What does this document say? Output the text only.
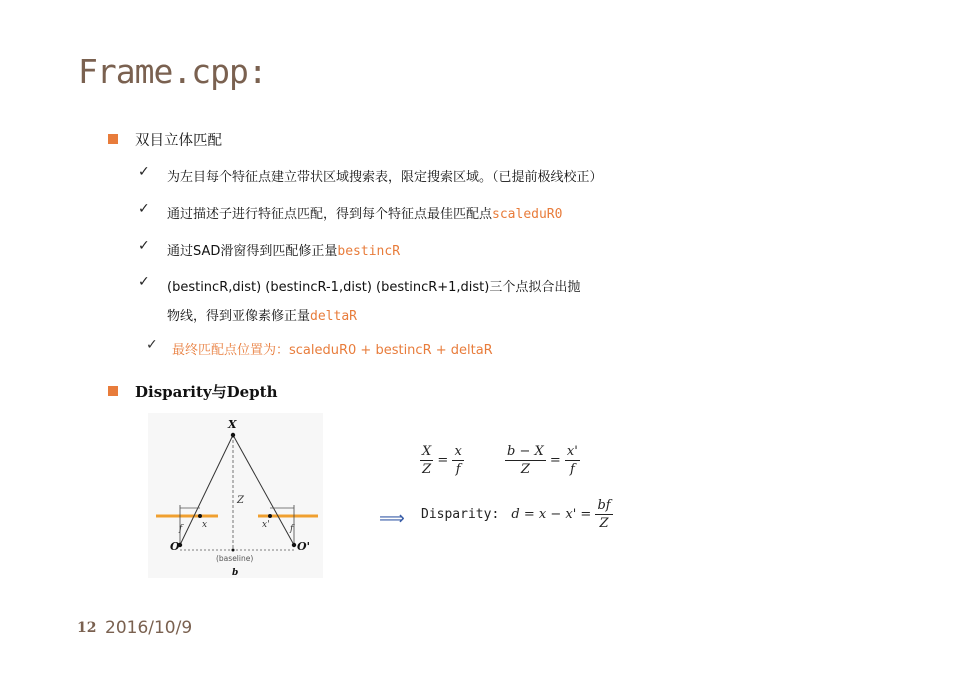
Frame.cpp:
双目立体匹配
✓ 为左目每个特征点建立带状区域搜索表，限定搜索区域。（已提前极线校正）
✓ 通过描述子进行特征点匹配，得到每个特征点最佳匹配点scaleduR0
✓ 通过SAD滑窗得到匹配修正量bestincR
✓ (bestincR,dist) (bestincR-1,dist) (bestincR+1,dist)三个点拟合出抛
物线，得到亚像素修正量deltaR
✓ 最终匹配点位置为：scaleduR0 + bestincR + deltaR
Disparity与Depth
X
Z
f x	x' f
O	O'
(baseline)
b
$\frac{X}{Z} = \frac{x}{f}$	$\frac{b - X}{Z} = \frac{x'}{f}$
⟹ Disparity: $d = x - x' = \frac{bf}{Z}$
12 2016/10/9
